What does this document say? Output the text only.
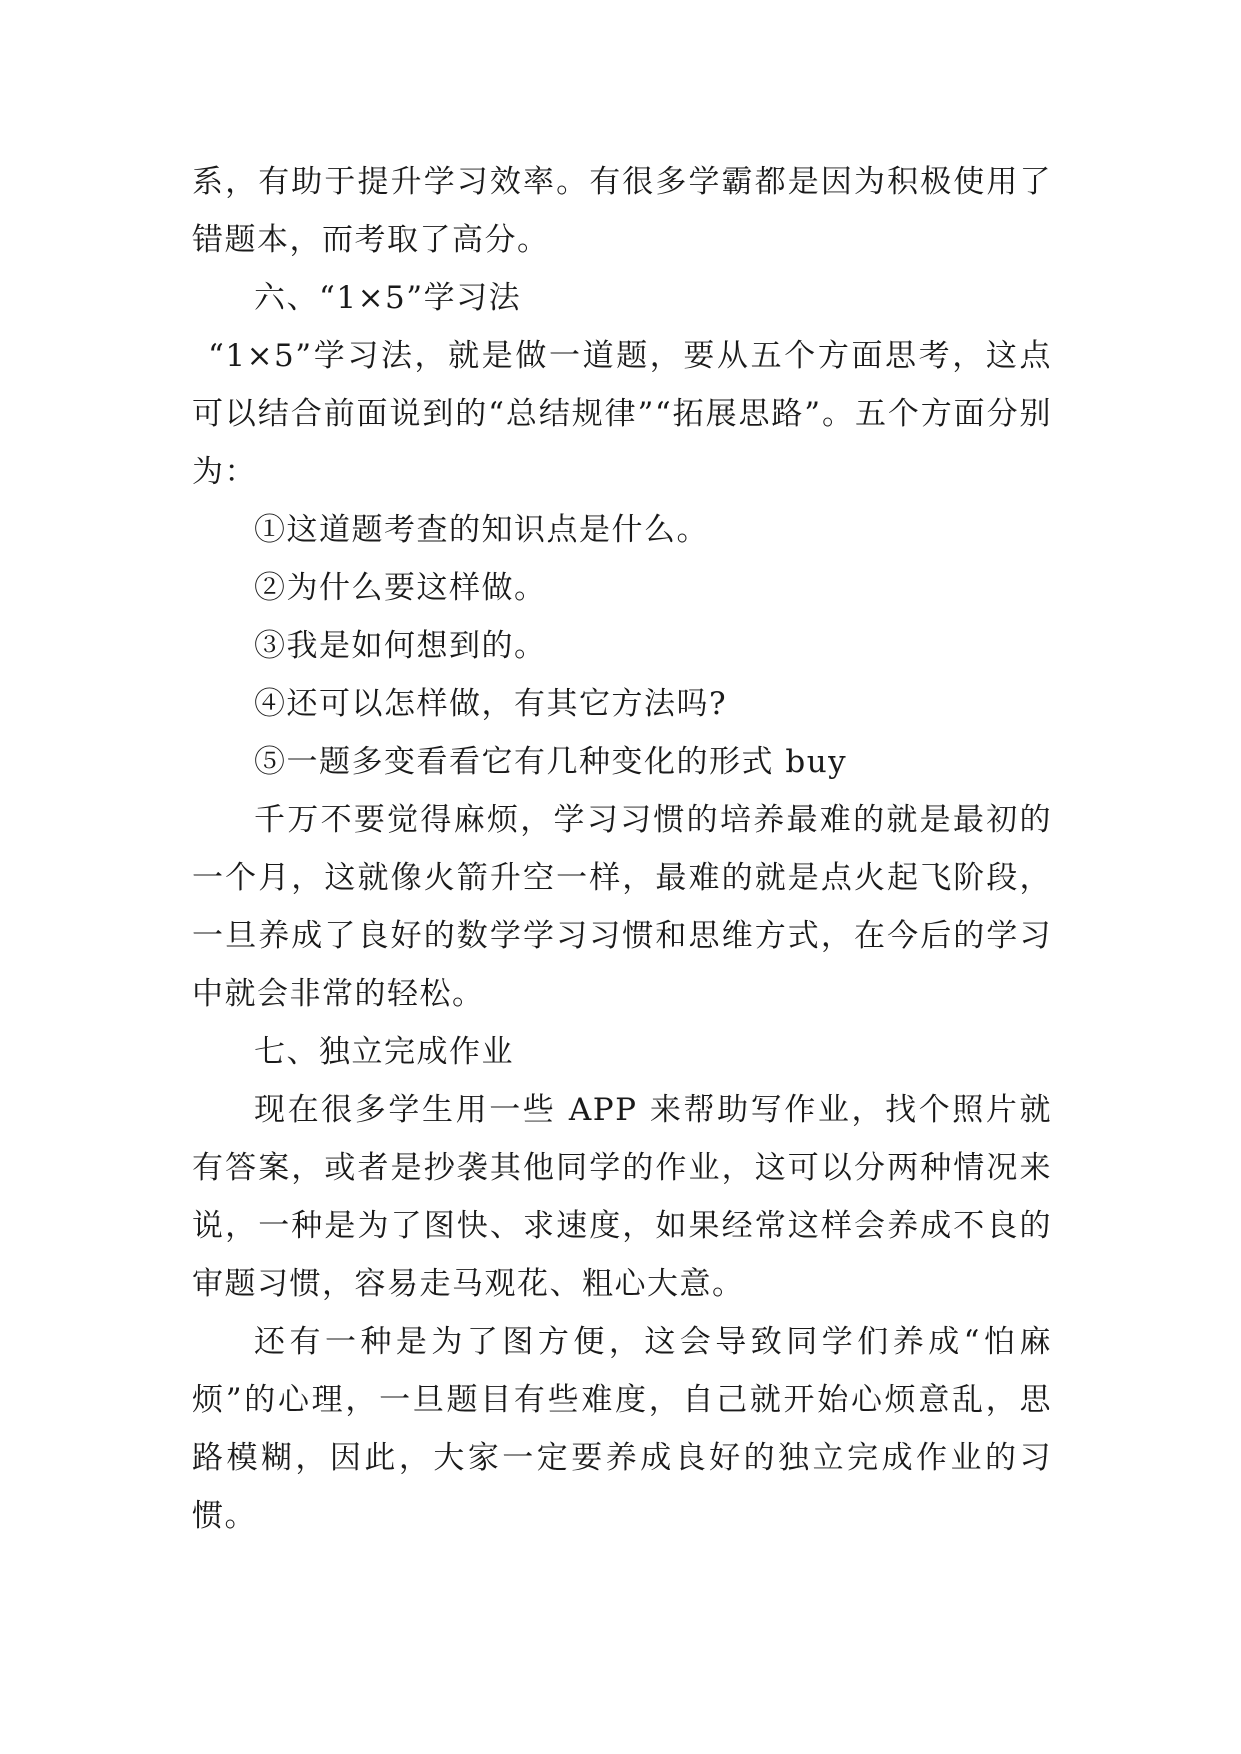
系，有助于提升学习效率。有很多学霸都是因为积极使用了错题本，而考取了高分。

六、“1×5”学习法

“1×5”学习法，就是做一道题，要从五个方面思考，这点可以结合前面说到的“总结规律”“拓展思路”。五个方面分别为：

①这道题考查的知识点是什么。

②为什么要这样做。

③我是如何想到的。

④还可以怎样做，有其它方法吗?

⑤一题多变看看它有几种变化的形式 buy

千万不要觉得麻烦，学习习惯的培养最难的就是最初的一个月，这就像火箭升空一样，最难的就是点火起飞阶段，一旦养成了良好的数学学习习惯和思维方式，在今后的学习中就会非常的轻松。

七、独立完成作业

现在很多学生用一些 APP 来帮助写作业，找个照片就有答案，或者是抄袭其他同学的作业，这可以分两种情况来说，一种是为了图快、求速度，如果经常这样会养成不良的审题习惯，容易走马观花、粗心大意。

还有一种是为了图方便，这会导致同学们养成“怕麻烦”的心理，一旦题目有些难度，自己就开始心烦意乱，思路模糊，因此，大家一定要养成良好的独立完成作业的习惯。
